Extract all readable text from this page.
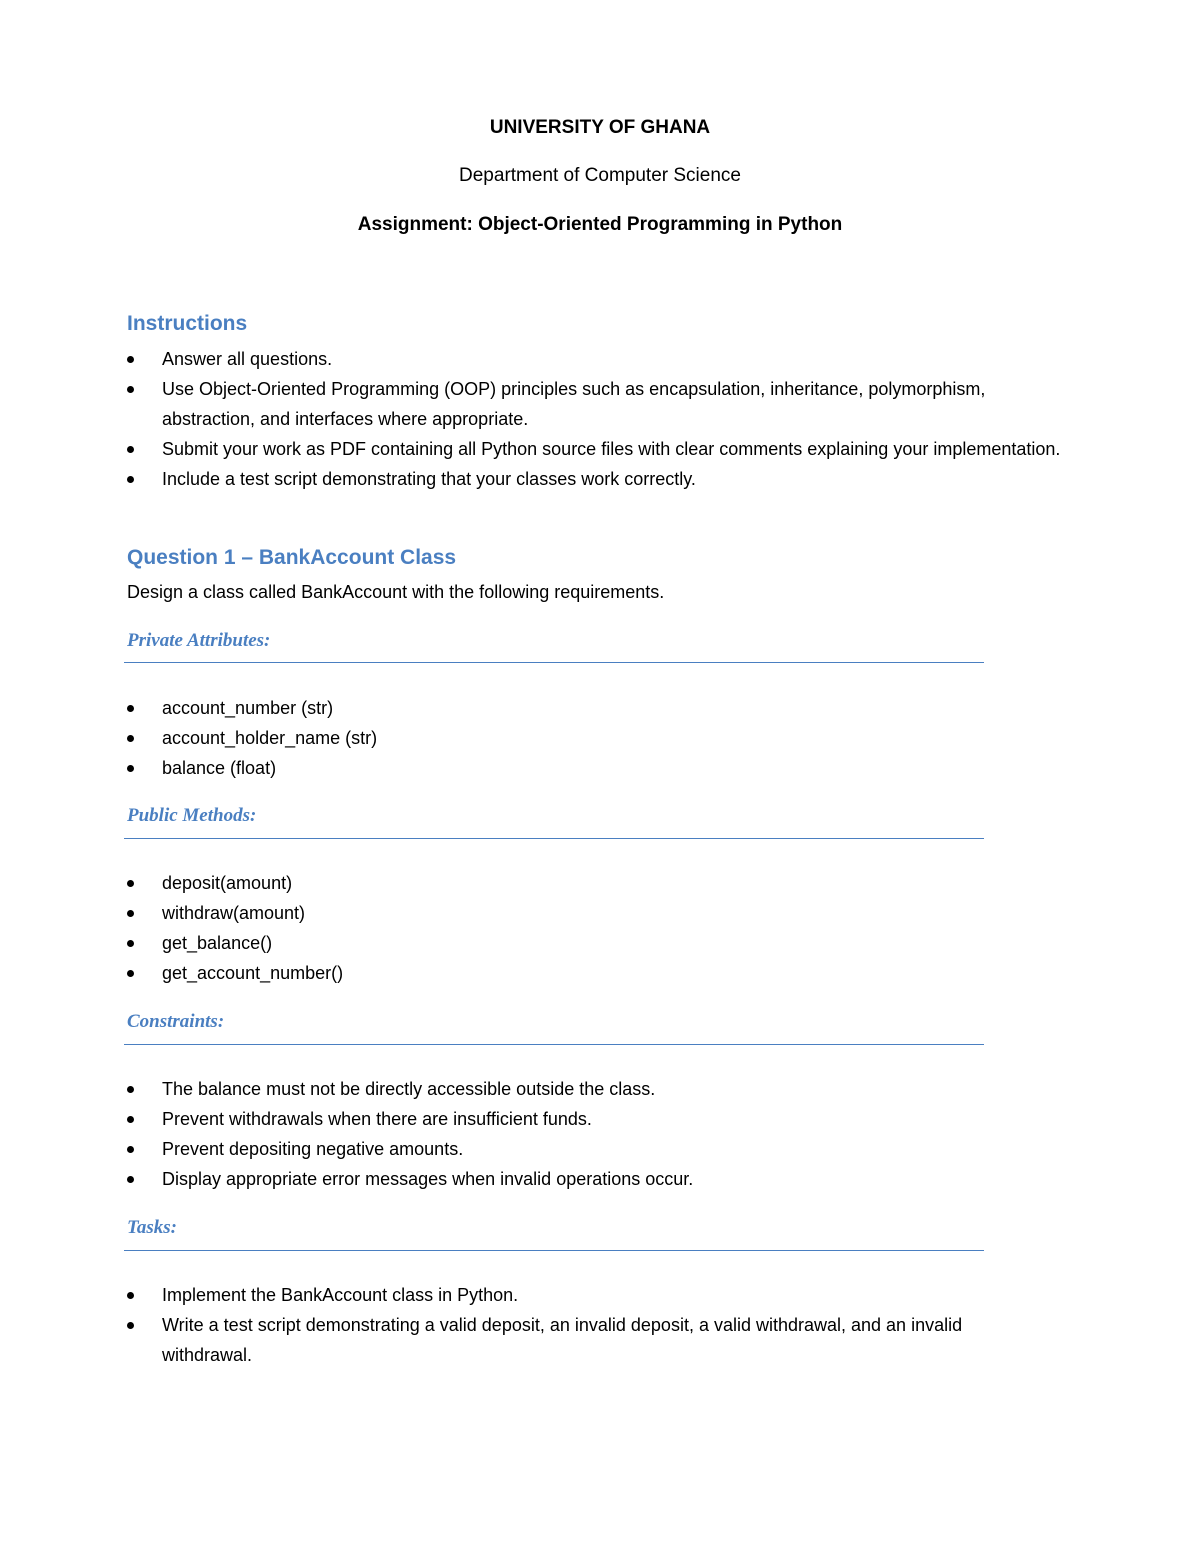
UNIVERSITY OF GHANA
Department of Computer Science
Assignment: Object-Oriented Programming in Python
Instructions
Answer all questions.
Use Object-Oriented Programming (OOP) principles such as encapsulation, inheritance, polymorphism, abstraction, and interfaces where appropriate.
Submit your work as PDF containing all Python source files with clear comments explaining your implementation.
Include a test script demonstrating that your classes work correctly.
Question 1 – BankAccount Class
Design a class called BankAccount with the following requirements.
Private Attributes:
account_number (str)
account_holder_name (str)
balance (float)
Public Methods:
deposit(amount)
withdraw(amount)
get_balance()
get_account_number()
Constraints:
The balance must not be directly accessible outside the class.
Prevent withdrawals when there are insufficient funds.
Prevent depositing negative amounts.
Display appropriate error messages when invalid operations occur.
Tasks:
Implement the BankAccount class in Python.
Write a test script demonstrating a valid deposit, an invalid deposit, a valid withdrawal, and an invalid withdrawal.
